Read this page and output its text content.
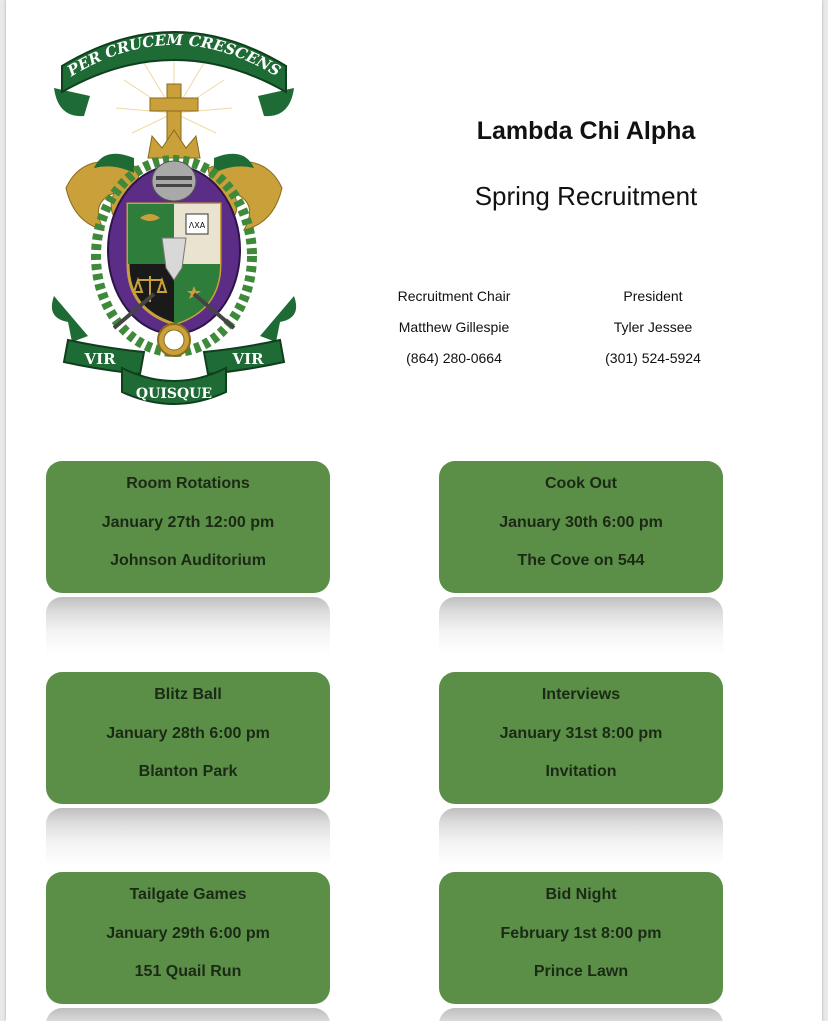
PER CRUCEM CRESCENS
ΛΧΑ
VIR	VIR
QUISQUE
Lambda Chi Alpha
Spring Recruitment
Recruitment Chair
Matthew Gillespie
(864) 280-0664
President
Tyler Jessee
(301) 524-5924
Room Rotations
January 27th 12:00 pm
Johnson Auditorium
Cook Out
January 30th 6:00 pm
The Cove on 544
Blitz Ball
January 28th 6:00 pm
Blanton Park
Interviews
January 31st 8:00 pm
Invitation
Tailgate Games
January 29th 6:00 pm
151 Quail Run
Bid Night
February 1st 8:00 pm
Prince Lawn
